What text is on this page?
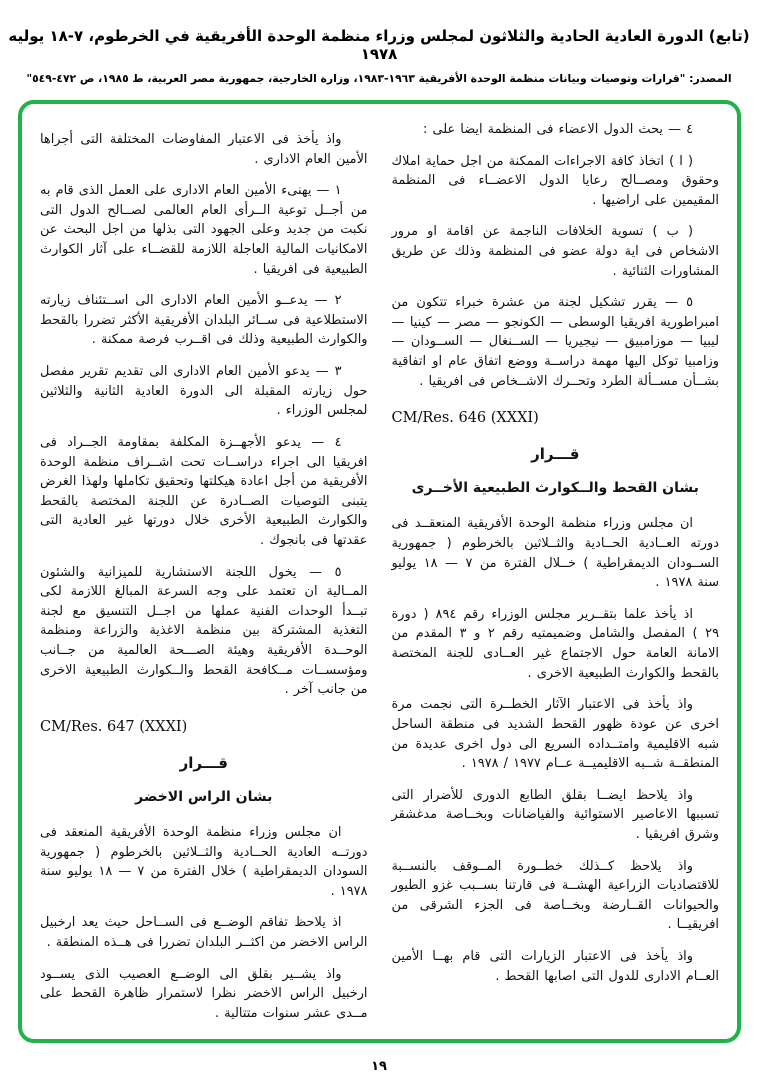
(تابع) الدورة العادية الحادية والثلاثون لمجلس وزراء منظمة الوحدة الأفريقية في الخرطوم، ٧-١٨ يوليه ١٩٧٨
المصدر: "قرارات وتوصيات وبيانات منظمة الوحدة الأفريقية ١٩٦٣-١٩٨٣، وزارة الخارجية، جمهورية مصر العربية، ط ١٩٨٥، ص ٤٧٢-٥٤٩"

٤ — يحث الدول الاعضاء فى المنظمة ايضا على :

( ا ) اتخاذ كافة الاجراءات الممكنة من اجل حماية املاك وحقوق ومصــالح رعايا الدول الاعضــاء فى المنظمة المقيمين على اراضيها .

( ب ) تسوية الخلافات الناجمة عن اقامة او مرور الاشخاص فى اية دولة عضو فى المنظمة وذلك عن طريق المشاورات الثنائية .

٥ — يقرر تشكيل لجنة من عشرة خبراء تتكون من امبراطورية افريقيا الوسطى — الكونجو — مصر — كينيا — ليبيا — موزامبيق — نيجيريا — الســنغال — الســودان — وزامبيا توكل اليها مهمة دراســة ووضع اتفاق عام او اتفاقية بشــأن مســألة الطرد وتحــرك الاشــخاص فى افريقيا .

CM/Res. 646 (XXXI)
قـــرار
بشان القحط والــكوارث الطبيعية الأخــرى

ان مجلس وزراء منظمة الوحدة الأفريقية المنعقــد فى دورته العــادية الحــادية والثــلاثين بالخرطوم ( جمهورية الســودان الديمقراطية ) خــلال الفترة من ٧ — ١٨ يوليو سنة ١٩٧٨ .

اذ يأخذ علما بتقــرير مجلس الوزراء رقم ٨٩٤ ( دورة ٢٩ ) المفصل والشامل وضميمتيه رقم ٢ و ٣ المقدم من الامانة العامة حول الاجتماع غير العــادى للجنة المختصة بالقحط والكوارث الطبيعية الاخرى .

واذ يأخذ فى الاعتبار الآثار الخطــرة التى نجمت مرة اخرى عن عودة ظهور القحط الشديد فى منطقة الساحل شبه الاقليمية وامتــداده السريع الى دول اخرى عديدة من المنطقــة شــبه الاقليميــة عــام ١٩٧٧ / ١٩٧٨ .

واذ يلاحظ ايضــا بقلق الطابع الدورى للأضرار التى تسببها الاعاصير الاستوائية والفياضانات وبخــاصة مدغشقر وشرق افريقيا .

واذ يلاحظ كــذلك خطــورة المــوقف بالنســبة للاقتصاديات الزراعية الهشــة فى قارتنا بســبب غزو الطيور والحيوانات القــارضة وبخــاصة فى الجزء الشرقى من افريقيــا .

واذ يأخذ فى الاعتبار الزيارات التى قام بهــا الأمين العــام الادارى للدول التى اصابها القحط .

واذ يأخذ فى الاعتبار المفاوضات المختلفة التى أجراها الأمين العام الادارى .

١ — يهنىء الأمين العام الادارى على العمل الذى قام به من أجــل توعية الــرأى العام العالمى لصــالح الدول التى نكبت من جديد وعلى الجهود التى بذلها من اجل البحث عن الامكانيات المالية العاجلة اللازمة للقضــاء على آثار الكوارث الطبيعية فى افريقيا .

٢ — يدعــو الأمين العام الادارى الى اســتئناف زيارته الاستطلاعية فى ســائر البلدان الأفريقية الأكثر تضررا بالقحط والكوارث الطبيعية وذلك فى اقــرب فرصة ممكنة .

٣ — يدعو الأمين العام الادارى الى تقديم تقرير مفصل حول زيارته المقبلة الى الدورة العادية الثانية والثلاثين لمجلس الوزراء .

٤ — يدعو الأجهــزة المكلفة بمقاومة الجــراد فى افريقيا الى اجراء دراســات تحت اشــراف منظمة الوحدة الأفريقية من أجل اعادة هيكلتها وتحقيق تكاملها ولهذا الغرض يتبنى التوصيات الصــادرة عن اللجنة المختصة بالقحط والكوارث الطبيعية الأخرى خلال دورتها غير العادية التى عقدتها فى بانجوك .

٥ — يخول اللجنة الاستشارية للميزانية والشئون المــالية ان تعتمد على وجه السرعة المبالغ اللازمة لكى تبــدأ الوحدات الفنية عملها من اجــل التنسيق مع لجنة التغذية المشتركة بين منظمة الاغذية والزراعة ومنظمة الوحــدة الأفريقية وهيئة الصـــحة العالمية من جــانب ومؤسســات مــكافحة القحط والــكوارث الطبيعية الاخرى من جانب آخر .

CM/Res. 647 (XXXI)
قـــرار
بشان الراس الاخضر

ان مجلس وزراء منظمة الوحدة الأفريقية المنعقد فى دورتــه العادية الحــادية والثــلاثين بالخرطوم ( جمهورية السودان الديمقراطية ) خلال الفترة من ٧ — ١٨ يوليو سنة ١٩٧٨ .

اذ يلاحظ تفاقم الوضــع فى الســاحل حيث يعد ارخبيل الراس الاخضر من اكثــر البلدان تضررا فى هــذه المنطقة .

واذ يشــير بقلق الى الوضــع العصيب الذى يســود ارخبيل الراس الاخضر نظرا لاستمرار ظاهرة القحط على مــدى عشر سنوات متتالية .

١٩
